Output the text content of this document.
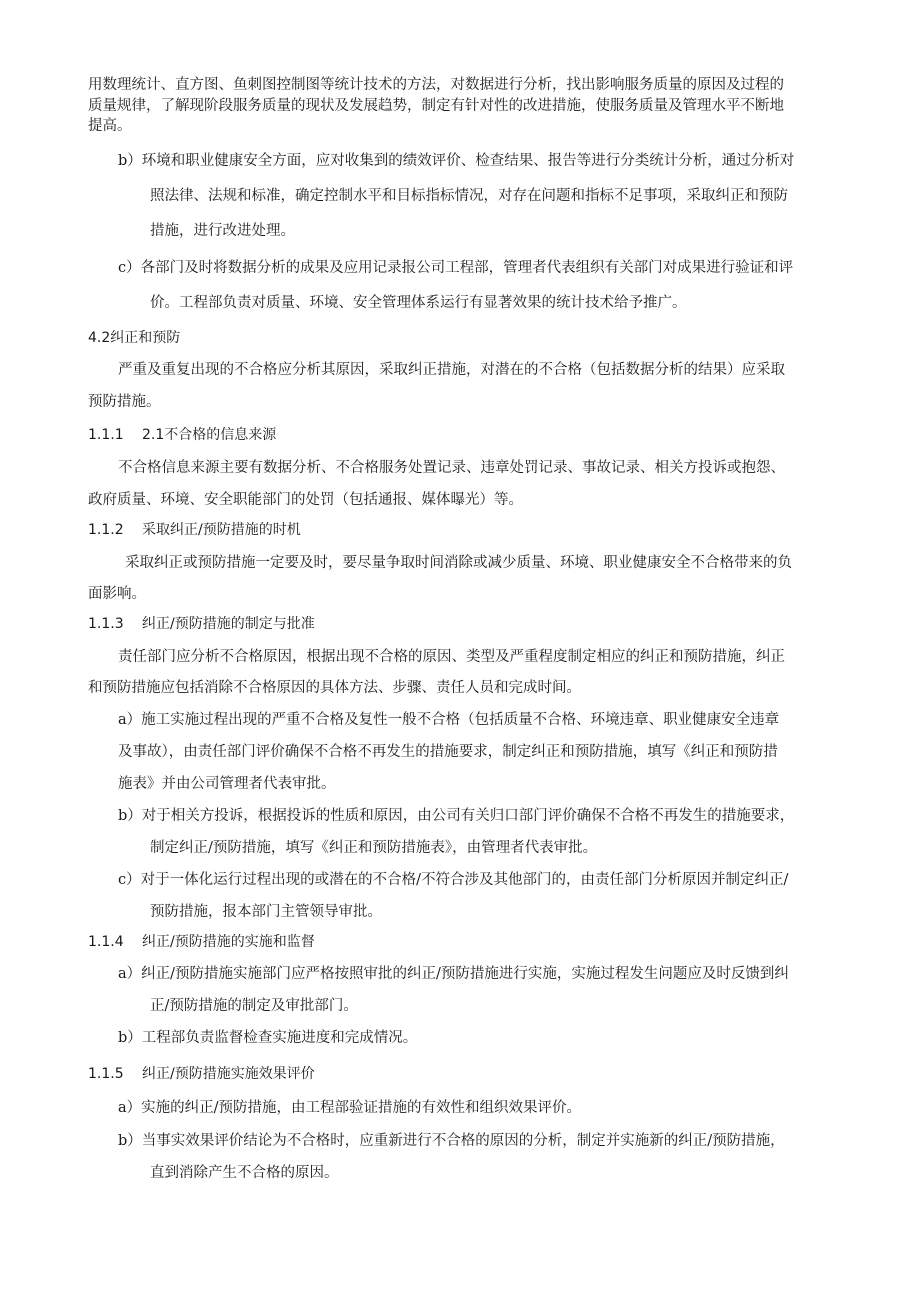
用数理统计、直方图、鱼刺图控制图等统计技术的方法，对数据进行分析，找出影响服务质量的原因及过程的
质量规律，了解现阶段服务质量的现状及发展趋势，制定有针对性的改进措施，使服务质量及管理水平不断地
提高。
b）环境和职业健康安全方面，应对收集到的绩效评价、检查结果、报告等进行分类统计分析，通过分析对
照法律、法规和标准，确定控制水平和目标指标情况，对存在问题和指标不足事项，采取纠正和预防
措施，进行改进处理。
c）各部门及时将数据分析的成果及应用记录报公司工程部，管理者代表组织有关部门对成果进行验证和评
价。工程部负责对质量、环境、安全管理体系运行有显著效果的统计技术给予推广。
4.2纠正和预防
严重及重复出现的不合格应分析其原因，采取纠正措施，对潜在的不合格（包括数据分析的结果）应采取
预防措施。
1.1.1 2.1不合格的信息来源
不合格信息来源主要有数据分析、不合格服务处置记录、违章处罚记录、事故记录、相关方投诉或抱怨、
政府质量、环境、安全职能部门的处罚（包括通报、媒体曝光）等。
1.1.2 采取纠正/预防措施的时机
采取纠正或预防措施一定要及时，要尽量争取时间消除或减少质量、环境、职业健康安全不合格带来的负
面影响。
1.1.3 纠正/预防措施的制定与批准
责任部门应分析不合格原因，根据出现不合格的原因、类型及严重程度制定相应的纠正和预防措施，纠正
和预防措施应包括消除不合格原因的具体方法、步骤、责任人员和完成时间。
a）施工实施过程出现的严重不合格及复性一般不合格（包括质量不合格、环境违章、职业健康安全违章
及事故），由责任部门评价确保不合格不再发生的措施要求，制定纠正和预防措施，填写《纠正和预防措
施表》并由公司管理者代表审批。
b）对于相关方投诉，根据投诉的性质和原因，由公司有关归口部门评价确保不合格不再发生的措施要求，
制定纠正/预防措施，填写《纠正和预防措施表》，由管理者代表审批。
c）对于一体化运行过程出现的或潜在的不合格/不符合涉及其他部门的，由责任部门分析原因并制定纠正/
预防措施，报本部门主管领导审批。
1.1.4 纠正/预防措施的实施和监督
a）纠正/预防措施实施部门应严格按照审批的纠正/预防措施进行实施，实施过程发生问题应及时反馈到纠
正/预防措施的制定及审批部门。
b）工程部负责监督检查实施进度和完成情况。
1.1.5 纠正/预防措施实施效果评价
a）实施的纠正/预防措施，由工程部验证措施的有效性和组织效果评价。
b）当事实效果评价结论为不合格时，应重新进行不合格的原因的分析，制定并实施新的纠正/预防措施，
直到消除产生不合格的原因。
